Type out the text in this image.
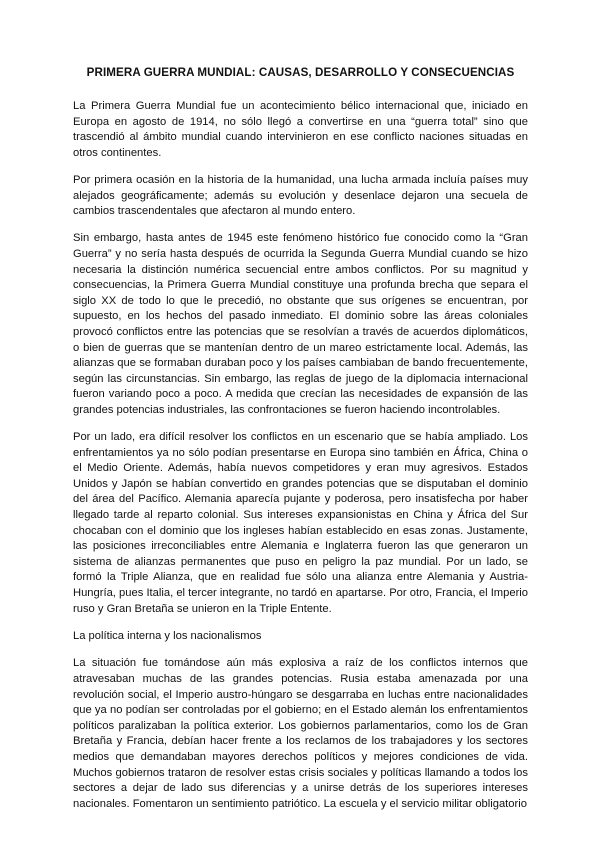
PRIMERA GUERRA MUNDIAL: CAUSAS, DESARROLLO Y CONSECUENCIAS

La Primera Guerra Mundial fue un acontecimiento bélico internacional que, iniciado en Europa en agosto de 1914, no sólo llegó a convertirse en una “guerra total” sino que trascendió al ámbito mundial cuando intervinieron en ese conflicto naciones situadas en otros continentes.

Por primera ocasión en la historia de la humanidad, una lucha armada incluía países muy alejados geográficamente; además su evolución y desenlace dejaron una secuela de cambios trascendentales que afectaron al mundo entero.

Sin embargo, hasta antes de 1945 este fenómeno histórico fue conocido como la “Gran Guerra” y no sería hasta después de ocurrida la Segunda Guerra Mundial cuando se hizo necesaria la distinción numérica secuencial entre ambos conflictos. Por su magnitud y consecuencias, la Primera Guerra Mundial constituye una profunda brecha que separa el siglo XX de todo lo que le precedió, no obstante que sus orígenes se encuentran, por supuesto, en los hechos del pasado inmediato. El dominio sobre las áreas coloniales provocó conflictos entre las potencias que se resolvían a través de acuerdos diplomáticos, o bien de guerras que se mantenían dentro de un mareo estrictamente local. Además, las alianzas que se formaban duraban poco y los países cambiaban de bando frecuentemente, según las circunstancias. Sin embargo, las reglas de juego de la diplomacia internacional fueron variando poco a poco. A medida que crecían las necesidades de expansión de las grandes potencias industriales, las confrontaciones se fueron haciendo incontrolables.

Por un lado, era difícil resolver los conflictos en un escenario que se había ampliado. Los enfrentamientos ya no sólo podían presentarse en Europa sino también en África, China o el Medio Oriente. Además, había nuevos competidores y eran muy agresivos. Estados Unidos y Japón se habían convertido en grandes potencias que se disputaban el dominio del área del Pacífico. Alemania aparecía pujante y poderosa, pero insatisfecha por haber llegado tarde al reparto colonial. Sus intereses expansionistas en China y África del Sur chocaban con el dominio que los ingleses habían establecido en esas zonas. Justamente, las posiciones irreconciliables entre Alemania e Inglaterra fueron las que generaron un sistema de alianzas permanentes que puso en peligro la paz mundial. Por un lado, se formó la Triple Alianza, que en realidad fue sólo una alianza entre Alemania y Austria-Hungría, pues Italia, el tercer integrante, no tardó en apartarse. Por otro, Francia, el Imperio ruso y Gran Bretaña se unieron en la Triple Entente.

La política interna y los nacionalismos

La situación fue tomándose aún más explosiva a raíz de los conflictos internos que atravesaban muchas de las grandes potencias. Rusia estaba amenazada por una revolución social, el Imperio austro-húngaro se desgarraba en luchas entre nacionalidades que ya no podían ser controladas por el gobierno; en el Estado alemán los enfrentamientos políticos paralizaban la política exterior. Los gobiernos parlamentarios, como los de Gran Bretaña y Francia, debían hacer frente a los reclamos de los trabajadores y los sectores medios que demandaban mayores derechos políticos y mejores condiciones de vida. Muchos gobiernos trataron de resolver estas crisis sociales y políticas llamando a todos los sectores a dejar de lado sus diferencias y a unirse detrás de los superiores intereses nacionales. Fomentaron un sentimiento patriótico. La escuela y el servicio militar obligatorio
